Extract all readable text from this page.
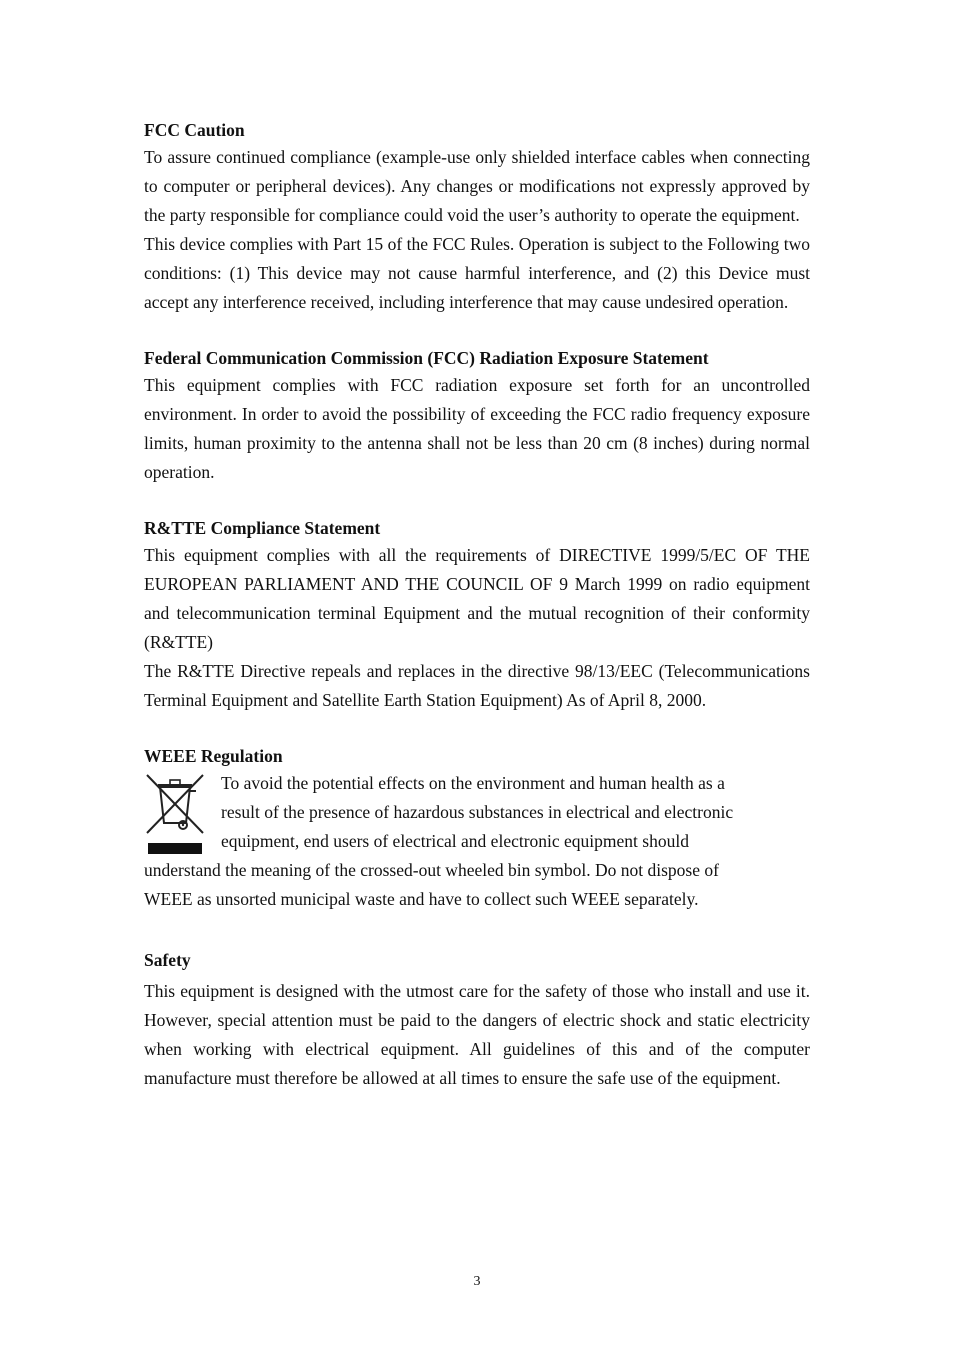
FCC Caution

To assure continued compliance (example-use only shielded interface cables when connecting to computer or peripheral devices). Any changes or modifications not expressly approved by the party responsible for compliance could void the user’s authority to operate the equipment.

This device complies with Part 15 of the FCC Rules. Operation is subject to the Following two conditions: (1) This device may not cause harmful interference, and (2) this Device must accept any interference received, including interference that may cause undesired operation.

Federal Communication Commission (FCC) Radiation Exposure Statement

This equipment complies with FCC radiation exposure set forth for an uncontrolled environment. In order to avoid the possibility of exceeding the FCC radio frequency exposure limits, human proximity to the antenna shall not be less than 20 cm (8 inches) during normal operation.

R&TTE Compliance Statement

This equipment complies with all the requirements of DIRECTIVE 1999/5/EC OF THE EUROPEAN PARLIAMENT AND THE COUNCIL OF 9 March 1999 on radio equipment and telecommunication terminal Equipment and the mutual recognition of their conformity (R&TTE)

The R&TTE Directive repeals and replaces in the directive 98/13/EEC (Telecommunications Terminal Equipment and Satellite Earth Station Equipment) As of April 8, 2000.

WEEE Regulation

To avoid the potential effects on the environment and human health as a

result of the presence of hazardous substances in electrical and electronic

equipment, end users of electrical and electronic equipment should

understand the meaning of the crossed-out wheeled bin symbol. Do not dispose of

WEEE as unsorted municipal waste and have to collect such WEEE separately.

Safety

This equipment is designed with the utmost care for the safety of those who install and use it. However, special attention must be paid to the dangers of electric shock and static electricity when working with electrical equipment. All guidelines of this and of the computer manufacture must therefore be allowed at all times to ensure the safe use of the equipment.

3
